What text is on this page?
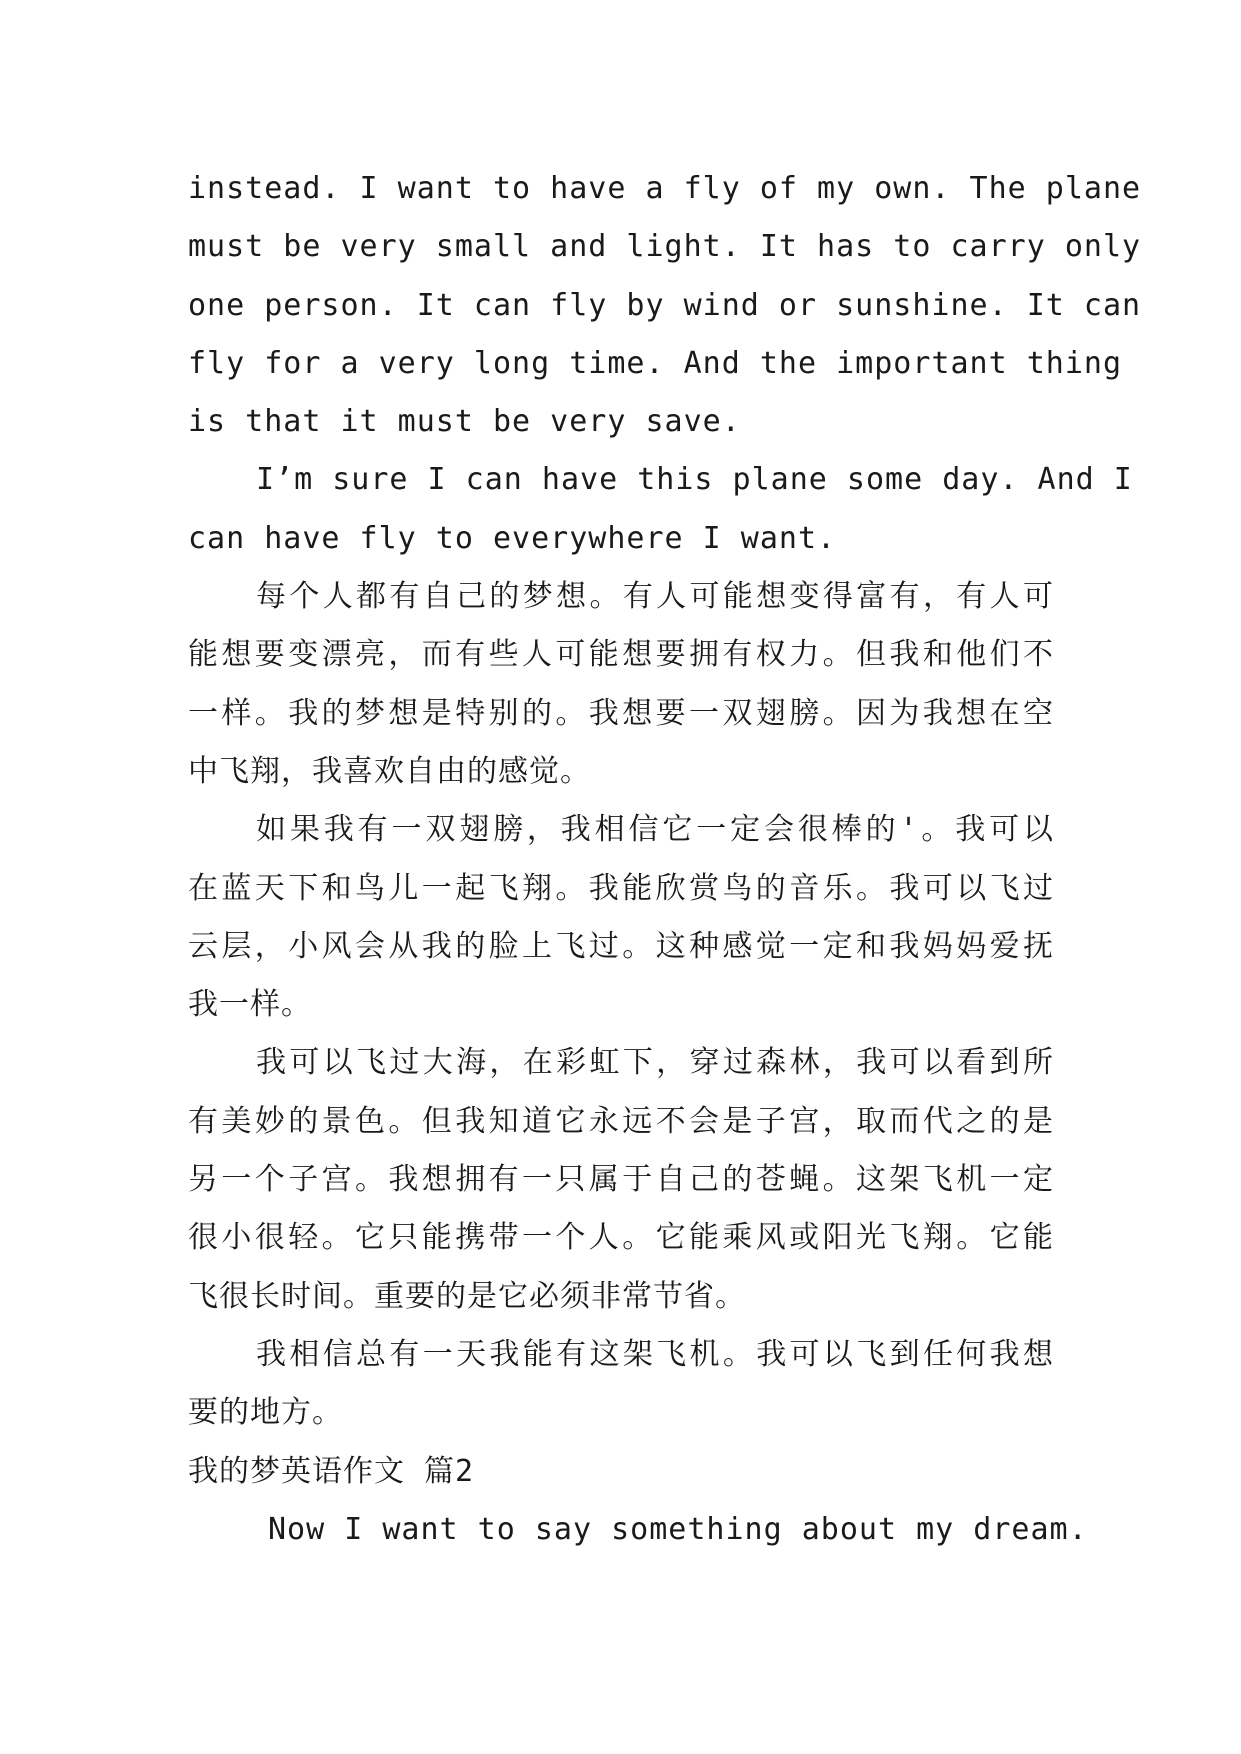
instead. I want to have a fly of my own. The plane
must be very small and light. It has to carry only
one person. It can fly by wind or sunshine. It can
fly for a very long time. And the important thing
is that it must be very save.
I’m sure I can have this plane some day. And I
can have fly to everywhere I want.
每个人都有自己的梦想。有人可能想变得富有，有人可
能想要变漂亮，而有些人可能想要拥有权力。但我和他们不
一样。我的梦想是特别的。我想要一双翅膀。因为我想在空
中飞翔，我喜欢自由的感觉。
如果我有一双翅膀，我相信它一定会很棒的'。我可以
在蓝天下和鸟儿一起飞翔。我能欣赏鸟的音乐。我可以飞过
云层，小风会从我的脸上飞过。这种感觉一定和我妈妈爱抚
我一样。
我可以飞过大海，在彩虹下，穿过森林，我可以看到所
有美妙的景色。但我知道它永远不会是子宫，取而代之的是
另一个子宫。我想拥有一只属于自己的苍蝇。这架飞机一定
很小很轻。它只能携带一个人。它能乘风或阳光飞翔。它能
飞很长时间。重要的是它必须非常节省。
我相信总有一天我能有这架飞机。我可以飞到任何我想
要的地方。
我的梦英语作文 篇2
Now I want to say something about my dream.
